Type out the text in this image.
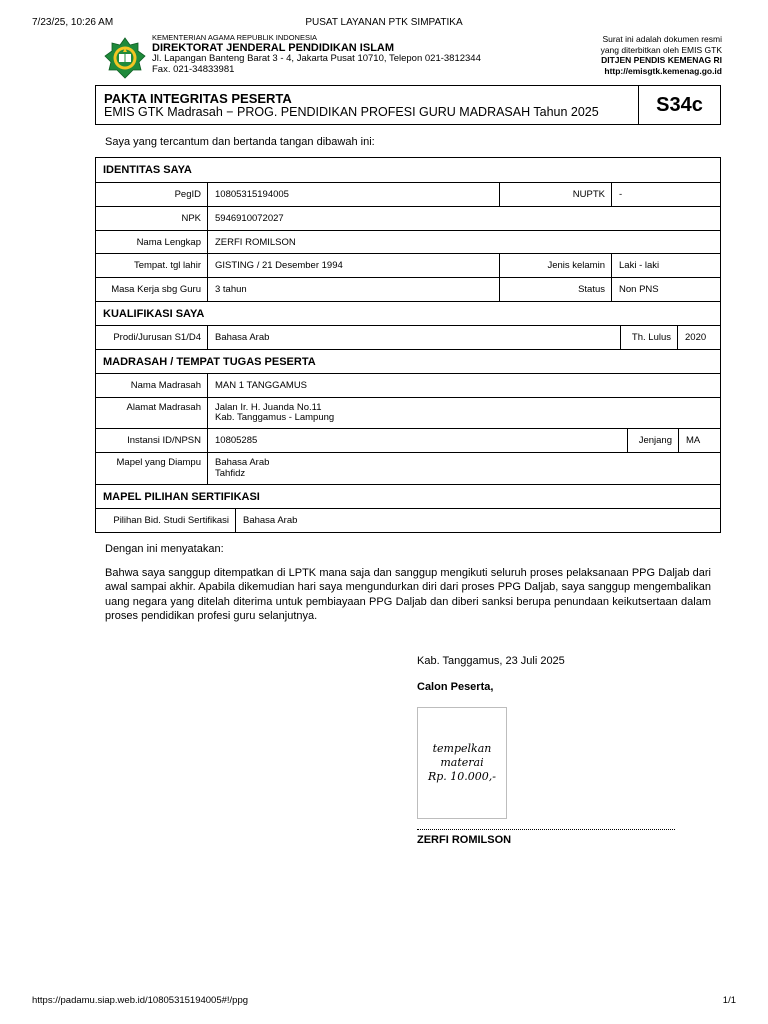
7/23/25, 10:26 AM	PUSAT LAYANAN PTK SIMPATIKA
KEMENTERIAN AGAMA REPUBLIK INDONESIA
DIREKTORAT JENDERAL PENDIDIKAN ISLAM
Jl. Lapangan Banteng Barat 3 - 4, Jakarta Pusat 10710, Telepon 021-3812344
Fax. 021-34833981
Surat ini adalah dokumen resmi
yang diterbitkan oleh EMIS GTK
DITJEN PENDIS KEMENAG RI
http://emisgtk.kemenag.go.id
PAKTA INTEGRITAS PESERTA
EMIS GTK Madrasah − PROG. PENDIDIKAN PROFESI GURU MADRASAH Tahun 2025	S34c
Saya yang tercantum dan bertanda tangan dibawah ini:
IDENTITAS SAYA
PegID	10805315194005	NUPTK	-
NPK	5946910072027
Nama Lengkap	ZERFI ROMILSON
Tempat. tgl lahir	GISTING / 21 Desember 1994	Jenis kelamin	Laki - laki
Masa Kerja sbg Guru	3 tahun	Status	Non PNS
KUALIFIKASI SAYA
Prodi/Jurusan S1/D4	Bahasa Arab	Th. Lulus	2020
MADRASAH / TEMPAT TUGAS PESERTA
Nama Madrasah	MAN 1 TANGGAMUS
Alamat Madrasah	Jalan Ir. H. Juanda No.11
Kab. Tanggamus - Lampung
Instansi ID/NPSN	10805285	Jenjang	MA
Mapel yang Diampu	Bahasa Arab
Tahfidz
MAPEL PILIHAN SERTIFIKASI
Pilihan Bid. Studi Sertifikasi	Bahasa Arab
Dengan ini menyatakan:
Bahwa saya sanggup ditempatkan di LPTK mana saja dan sanggup mengikuti seluruh proses pelaksanaan PPG Daljab dari awal sampai akhir. Apabila dikemudian hari saya mengundurkan diri dari proses PPG Daljab, saya sanggup mengembalikan uang negara yang ditelah diterima untuk pembiayaan PPG Daljab dan diberi sanksi berupa penundaan keikutsertaan dalam proses pendidikan profesi guru selanjutnya.
Kab. Tanggamus, 23 Juli 2025
Calon Peserta,
tempelkan
materai
Rp. 10.000,-
ZERFI ROMILSON
https://padamu.siap.web.id/10805315194005#!/ppg	1/1
